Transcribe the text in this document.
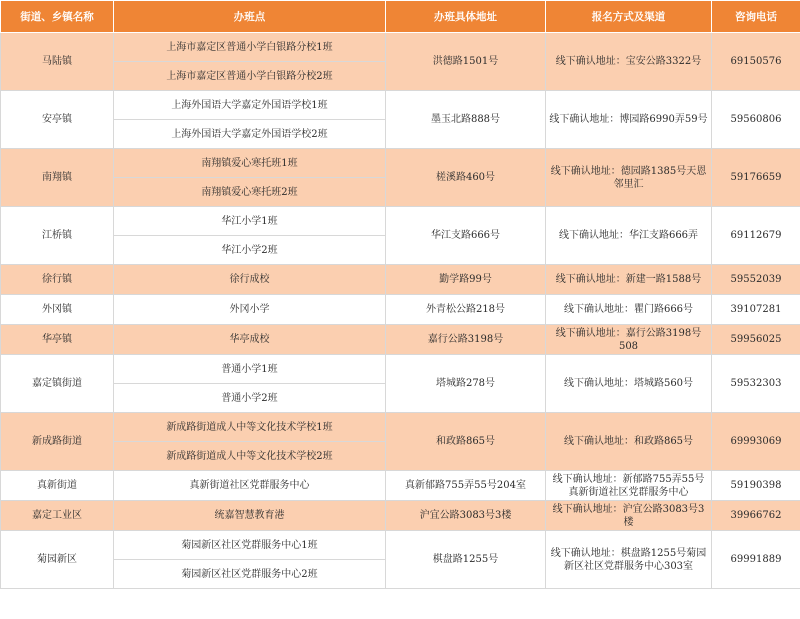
街道、乡镇名称	办班点	办班具体地址	报名方式及渠道	咨询电话
马陆镇	上海市嘉定区普通小学白银路分校1班	洪德路1501号	线下确认地址：宝安公路3322号	69150576
	上海市嘉定区普通小学白银路分校2班			
安亭镇	上海外国语大学嘉定外国语学校1班	墨玉北路888号	线下确认地址：博园路6990弄59号	59560806
	上海外国语大学嘉定外国语学校2班			
南翔镇	南翔镇爱心寒托班1班	槎溪路460号	线下确认地址：德园路1385号天恩邻里汇	59176659
	南翔镇爱心寒托班2班			
江桥镇	华江小学1班	华江支路666号	线下确认地址：华江支路666弄	69112679
	华江小学2班			
徐行镇	徐行成校	勤学路99号	线下确认地址：新建一路1588号	59552039
外冈镇	外冈小学	外青松公路218号	线下确认地址：瞿门路666号	39107281
华亭镇	华亭成校	嘉行公路3198号	线下确认地址：嘉行公路3198号508	59956025
嘉定镇街道	普通小学1班	塔城路278号	线下确认地址：塔城路560号	59532303
	普通小学2班			
新成路街道	新成路街道成人中等文化技术学校1班	和政路865号	线下确认地址：和政路865号	69993069
	新成路街道成人中等文化技术学校2班			
真新街道	真新街道社区党群服务中心	真新郁路755弄55号204室	线下确认地址：新郁路755弄55号真新街道社区党群服务中心	59190398
嘉定工业区	统嘉智慧教育港	沪宜公路3083号3楼	线下确认地址：沪宜公路3083号3楼	39966762
菊园新区	菊园新区社区党群服务中心1班	棋盘路1255号	线下确认地址：棋盘路1255号菊园新区社区党群服务中心303室	69991889
	菊园新区社区党群服务中心2班			
